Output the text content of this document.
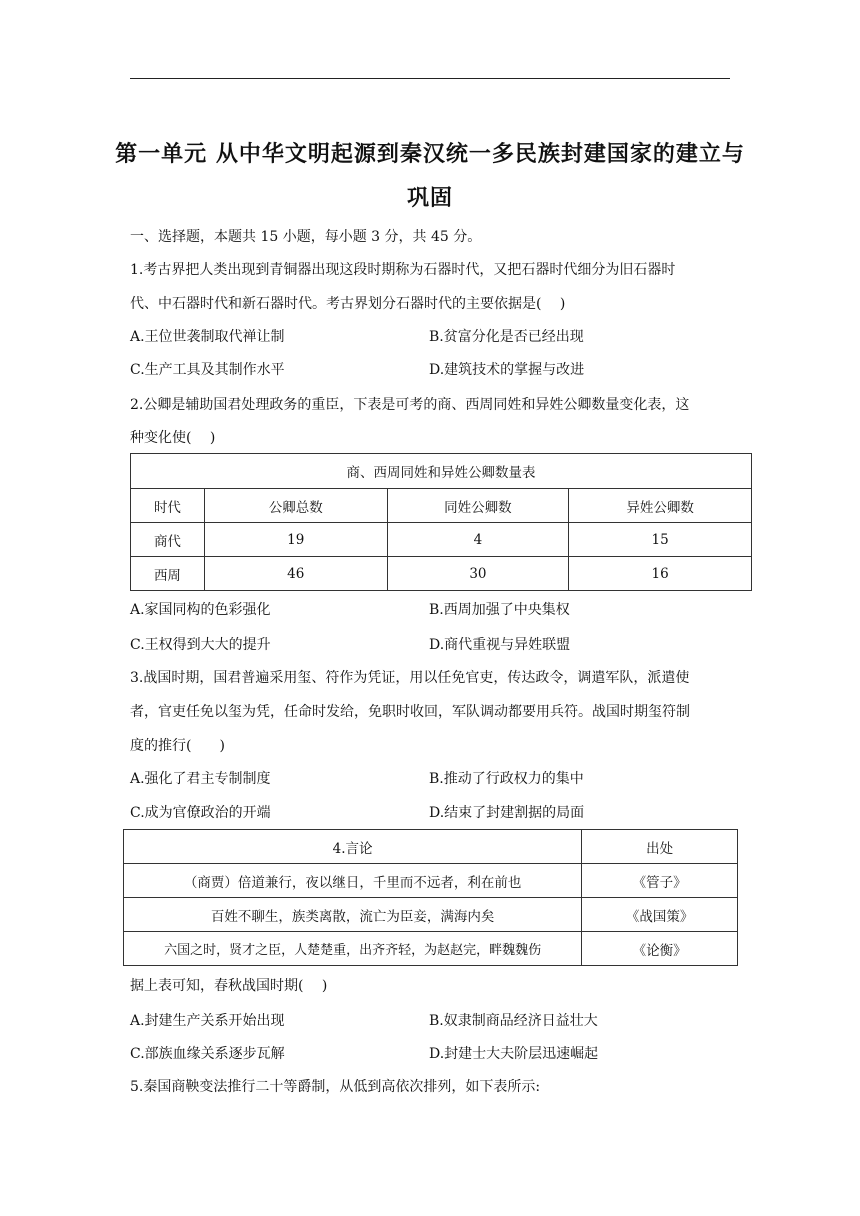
第一单元 从中华文明起源到秦汉统一多民族封建国家的建立与
巩固
一、选择题，本题共 15 小题，每小题 3 分，共 45 分。
1.考古界把人类出现到青铜器出现这段时期称为石器时代，又把石器时代细分为旧石器时
代、中石器时代和新石器时代。考古界划分石器时代的主要依据是(　 )
A.王位世袭制取代禅让制	B.贫富分化是否已经出现
C.生产工具及其制作水平	D.建筑技术的掌握与改进
2.公卿是辅助国君处理政务的重臣，下表是可考的商、西周同姓和异姓公卿数量变化表，这
种变化使(　 )
商、西周同姓和异姓公卿数量表			
时代	公卿总数	同姓公卿数	异姓公卿数
商代	19	4	15
西周	46	30	16
A.家国同构的色彩强化	B.西周加强了中央集权
C.王权得到大大的提升	D.商代重视与异姓联盟
3.战国时期，国君普遍采用玺、符作为凭证，用以任免官吏，传达政令，调遣军队，派遣使
者，官吏任免以玺为凭，任命时发给，免职时收回，军队调动都要用兵符。战国时期玺符制
度的推行(　　)
A.强化了君主专制制度	B.推动了行政权力的集中
C.成为官僚政治的开端	D.结束了封建割据的局面
4.言论	出处
（商贾）倍道兼行，夜以继日，千里而不远者，利在前也	《管子》
百姓不聊生，族类离散，流亡为臣妾，满海内矣	《战国策》
六国之时，贤才之臣，人楚楚重，出齐齐轻，为赵赵完，畔魏魏伤	《论衡》
据上表可知，春秋战国时期(　 )
A.封建生产关系开始出现	B.奴隶制商品经济日益壮大
C.部族血缘关系逐步瓦解	D.封建士大夫阶层迅速崛起
5.秦国商鞅变法推行二十等爵制，从低到高依次排列，如下表所示:
